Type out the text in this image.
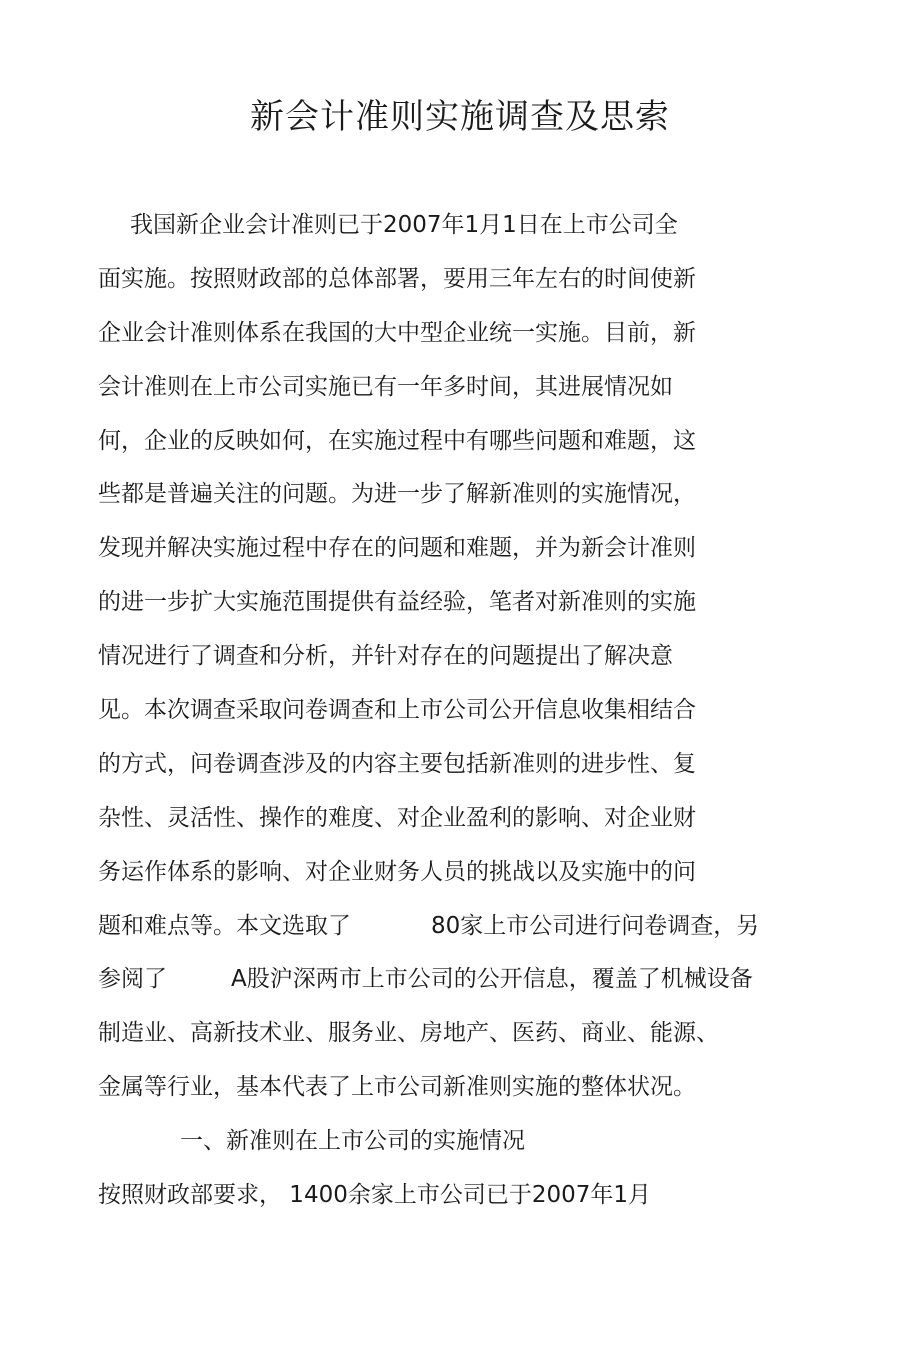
新会计准则实施调查及思索
我国新企业会计准则已于2007年1月1日在上市公司全
面实施。按照财政部的总体部署，要用三年左右的时间使新
企业会计准则体系在我国的大中型企业统一实施。目前，新
会计准则在上市公司实施已有一年多时间，其进展情况如
何，企业的反映如何，在实施过程中有哪些问题和难题，这
些都是普遍关注的问题。为进一步了解新准则的实施情况，
发现并解决实施过程中存在的问题和难题，并为新会计准则
的进一步扩大实施范围提供有益经验，笔者对新准则的实施
情况进行了调查和分析，并针对存在的问题提出了解决意
见。本次调查采取问卷调查和上市公司公开信息收集相结合
的方式，问卷调查涉及的内容主要包括新准则的进步性、复
杂性、灵活性、操作的难度、对企业盈利的影响、对企业财
务运作体系的影响、对企业财务人员的挑战以及实施中的问
题和难点等。本文选取了	80家上市公司进行问卷调查，另
参阅了	A股沪深两市上市公司的公开信息，覆盖了机械设备
制造业、高新技术业、服务业、房地产、医药、商业、能源、
金属等行业，基本代表了上市公司新准则实施的整体状况。
一、新准则在上市公司的实施情况
按照财政部要求， 1400余家上市公司已于2007年1月
